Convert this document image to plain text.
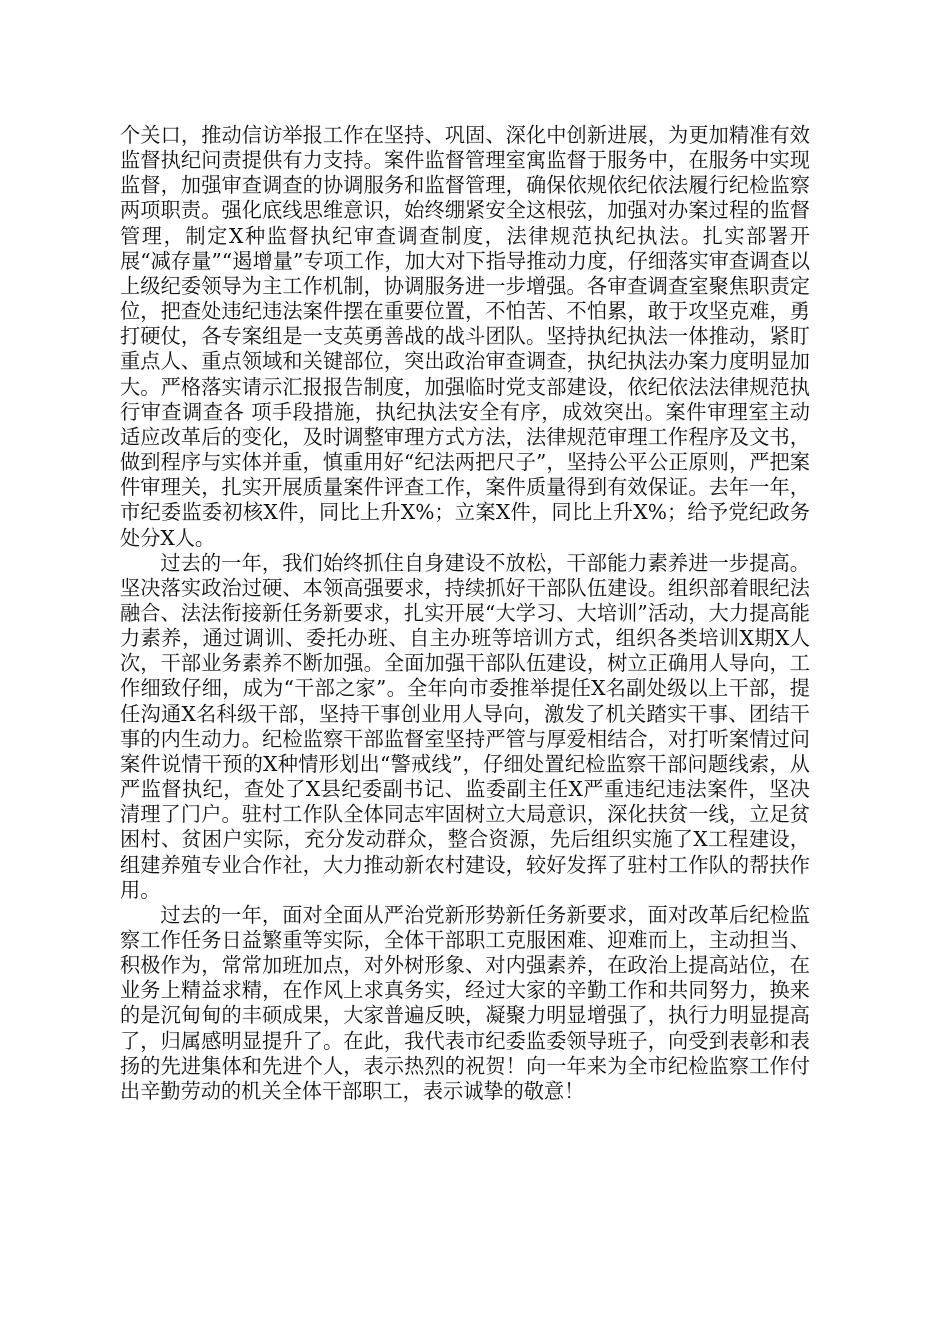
个关口，推动信访举报工作在坚持、巩固、深化中创新进展，为更加精准有效监督执纪问责提供有力支持。案件监督管理室寓监督于服务中，在服务中实现监督，加强审查调查的协调服务和监督管理，确保依规依纪依法履行纪检监察两项职责。强化底线思维意识，始终绷紧安全这根弦，加强对办案过程的监督管理，制定X种监督执纪审查调查制度，法律规范执纪执法。扎实部署开展“减存量”“遏增量”专项工作，加大对下指导推动力度，仔细落实审查调查以上级纪委领导为主工作机制，协调服务进一步增强。各审查调查室聚焦职责定位，把查处违纪违法案件摆在重要位置，不怕苦、不怕累，敢于攻坚克难，勇打硬仗，各专案组是一支英勇善战的战斗团队。坚持执纪执法一体推动，紧盯 重点人、重点领域和关键部位，突出政治审查调查，执纪执法办案力度明显加大。严格落实请示汇报报告制度，加强临时党支部建设，依纪依法法律规范执行审查调查各 项手段措施，执纪执法安全有序，成效突出。案件审理室主动适应改革后的变化，及时调整审理方式方法，法律规范审理工作程序及文书，做到程序与实体并重，慎重用好“纪法两把尺子”，坚持公平公正原则，严把案件审理关，扎实开展质量案件评查工作，案件质量得到有效保证。去年一年，市纪委监委初核X件，同比上升X%；立案X件，同比上升X%；给予党纪政务处分X人。

过去的一年，我们始终抓住自身建设不放松，干部能力素养进一步提高。坚决落实政治过硬、本领高强要求，持续抓好干部队伍建设。组织部着眼纪法融合、法法衔接新任务新要求，扎实开展“大学习、大培训”活动，大力提高能力素养，通过调训、委托办班、自主办班等培训方式，组织各类培训X期X人次，干部业务素养不断加强。全面加强干部队伍建设，树立正确用人导向，工作细致仔细，成为“干部之家”。全年向市委推举提任X名副处级以上干部，提任沟通X名科级干部，坚持干事创业用人导向，激发了机关踏实干事、团结干事的内生动力。纪检监察干部监督室坚持严管与厚爱相结合，对打听案情过问案件说情干预的X种情形划出“警戒线”，仔细处置纪检监察干部问题线索，从严监督执纪，查处了X县纪委副书记、监委副主任X严重违纪违法案件，坚决清理了门户。驻村工作队全体同志牢固树立大局意识，深化扶贫一线，立足贫困村、贫困户实际，充分发动群众，整合资源，先后组织实施了X工程建设，组建养殖专业合作社，大力推动新农村建设，较好发挥了驻村工作队的帮扶作用。

过去的一年，面对全面从严治党新形势新任务新要求，面对改革后纪检监察工作任务日益繁重等实际，全体干部职工克服困难、迎难而上，主动担当、积极作为，常常加班加点，对外树形象、对内强素养，在政治上提高站位，在业务上精益求精，在作风上求真务实，经过大家的辛勤工作和共同努力，换来的是沉甸甸的丰硕成果，大家普遍反映，凝聚力明显增强了，执行力明显提高了，归属感明显提升了。在此，我代表市纪委监委领导班子，向受到表彰和表扬的先进集体和先进个人，表示热烈的祝贺！向一年来为全市纪检监察工作付出辛勤劳动的机关全体干部职工，表示诚挚的敬意！
